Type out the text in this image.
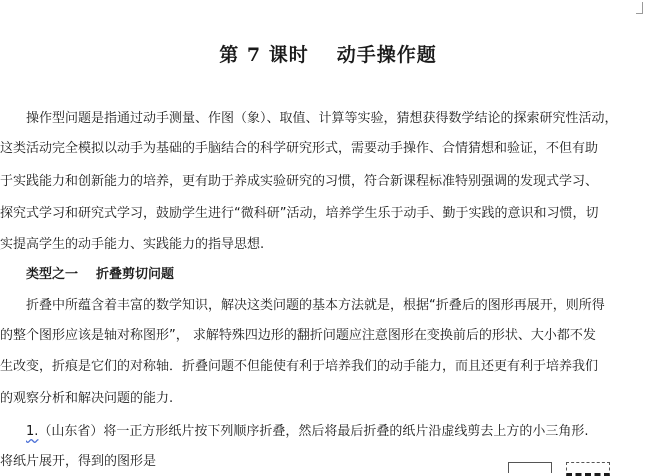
第 7 课时 动手操作题
操作型问题是指通过动手测量、作图（象）、取值、计算等实验，猜想获得数学结论的探索研究性活动，
这类活动完全模拟以动手为基础的手脑结合的科学研究形式，需要动手操作、合情猜想和验证，不但有助
于实践能力和创新能力的培养，更有助于养成实验研究的习惯，符合新课程标准特别强调的发现式学习、
探究式学习和研究式学习，鼓励学生进行“微科研”活动，培养学生乐于动手、勤于实践的意识和习惯，切
实提高学生的动手能力、实践能力的指导思想.
类型之一 折叠剪切问题
折叠中所蕴含着丰富的数学知识，解决这类问题的基本方法就是，根据“折叠后的图形再展开，则所得
的整个图形应该是轴对称图形”， 求解特殊四边形的翻折问题应注意图形在变换前后的形状、大小都不发
生改变，折痕是它们的对称轴．折叠问题不但能使有利于培养我们的动手能力，而且还更有利于培养我们
的观察分析和解决问题的能力.
1.（山东省）将一正方形纸片按下列顺序折叠，然后将最后折叠的纸片沿虚线剪去上方的小三角形.
将纸片展开，得到的图形是
